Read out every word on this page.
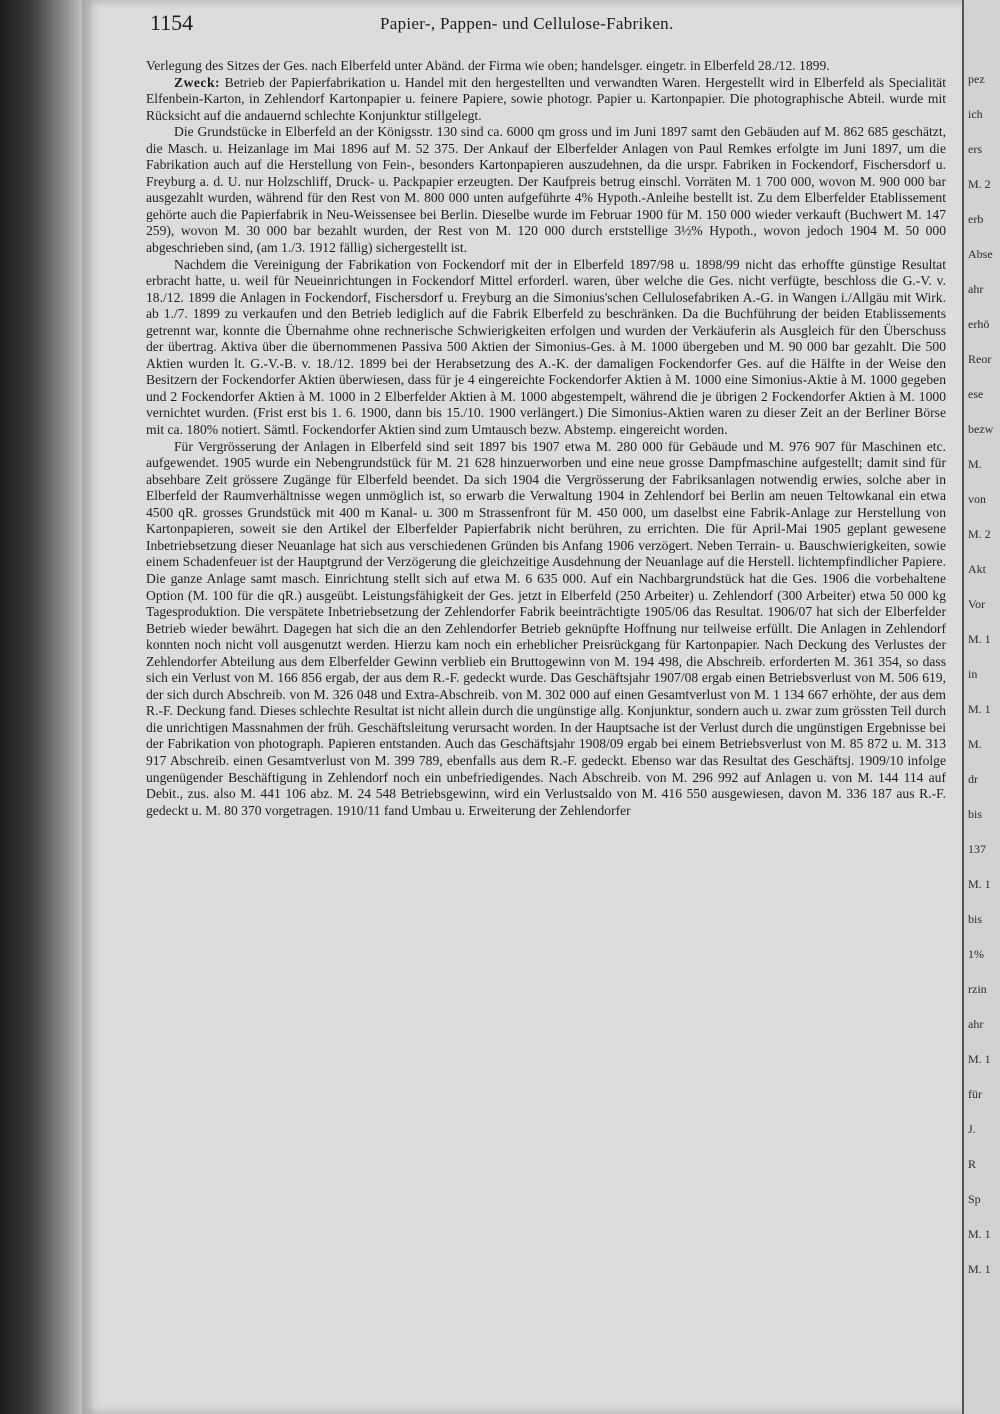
pez
ich
ers
M. 2
erb
Abse
ahr
erhö
Reor
ese
bezw
M.
von
M. 2
Akt
Vor
M. 1
in
M. 1
M.
dr
bis
137
M. 1
bis
1%
rzin
ahr
M. 1
für
J.
R
Sp
M. 1
M. 1
1154	Papier-, Pappen- und Cellulose-Fabriken.

Verlegung des Sitzes der Ges. nach Elberfeld unter Abänd. der Firma wie oben; handelsger. eingetr. in Elberfeld 28./12. 1899.

Zweck: Betrieb der Papierfabrikation u. Handel mit den hergestellten und verwandten Waren. Hergestellt wird in Elberfeld als Specialität Elfenbein-Karton, in Zehlendorf Kartonpapier u. feinere Papiere, sowie photogr. Papier u. Kartonpapier. Die photographische Abteil. wurde mit Rücksicht auf die andauernd schlechte Konjunktur stillgelegt.

Die Grundstücke in Elberfeld an der Königsstr. 130 sind ca. 6000 qm gross und im Juni 1897 samt den Gebäuden auf M. 862 685 geschätzt, die Masch. u. Heizanlage im Mai 1896 auf M. 52 375. Der Ankauf der Elberfelder Anlagen von Paul Remkes erfolgte im Juni 1897, um die Fabrikation auch auf die Herstellung von Fein-, besonders Kartonpapieren auszudehnen, da die urspr. Fabriken in Fockendorf, Fischersdorf u. Freyburg a. d. U. nur Holzschliff, Druck- u. Packpapier erzeugten. Der Kaufpreis betrug einschl. Vorräten M. 1 700 000, wovon M. 900 000 bar ausgezahlt wurden, während für den Rest von M. 800 000 unten aufgeführte 4% Hypoth.-Anleihe bestellt ist. Zu dem Elberfelder Etablissement gehörte auch die Papierfabrik in Neu-Weissensee bei Berlin. Dieselbe wurde im Februar 1900 für M. 150 000 wieder verkauft (Buchwert M. 147 259), wovon M. 30 000 bar bezahlt wurden, der Rest von M. 120 000 durch erststellige 3½% Hypoth., wovon jedoch 1904 M. 50 000 abgeschrieben sind, (am 1./3. 1912 fällig) sichergestellt ist.

Nachdem die Vereinigung der Fabrikation von Fockendorf mit der in Elberfeld 1897/98 u. 1898/99 nicht das erhoffte günstige Resultat erbracht hatte, u. weil für Neueinrichtungen in Fockendorf Mittel erforderl. waren, über welche die Ges. nicht verfügte, beschloss die G.-V. v. 18./12. 1899 die Anlagen in Fockendorf, Fischersdorf u. Freyburg an die Simonius'schen Cellulosefabriken A.-G. in Wangen i./Allgäu mit Wirk. ab 1./7. 1899 zu verkaufen und den Betrieb lediglich auf die Fabrik Elberfeld zu beschränken. Da die Buchführung der beiden Etablissements getrennt war, konnte die Übernahme ohne rechnerische Schwierigkeiten erfolgen und wurden der Verkäuferin als Ausgleich für den Überschuss der übertrag. Aktiva über die übernommenen Passiva 500 Aktien der Simonius-Ges. à M. 1000 übergeben und M. 90 000 bar gezahlt. Die 500 Aktien wurden lt. G.-V.-B. v. 18./12. 1899 bei der Herabsetzung des A.-K. der damaligen Fockendorfer Ges. auf die Hälfte in der Weise den Besitzern der Fockendorfer Aktien überwiesen, dass für je 4 eingereichte Fockendorfer Aktien à M. 1000 eine Simonius-Aktie à M. 1000 gegeben und 2 Fockendorfer Aktien à M. 1000 in 2 Elberfelder Aktien à M. 1000 abgestempelt, während die je übrigen 2 Fockendorfer Aktien à M. 1000 vernichtet wurden. (Frist erst bis 1. 6. 1900, dann bis 15./10. 1900 verlängert.) Die Simonius-Aktien waren zu dieser Zeit an der Berliner Börse mit ca. 180% notiert. Sämtl. Fockendorfer Aktien sind zum Umtausch bezw. Abstemp. eingereicht worden.

Für Vergrösserung der Anlagen in Elberfeld sind seit 1897 bis 1907 etwa M. 280 000 für Gebäude und M. 976 907 für Maschinen etc. aufgewendet. 1905 wurde ein Nebengrundstück für M. 21 628 hinzuerworben und eine neue grosse Dampfmaschine aufgestellt; damit sind für absehbare Zeit grössere Zugänge für Elberfeld beendet. Da sich 1904 die Vergrösserung der Fabriksanlagen notwendig erwies, solche aber in Elberfeld der Raumverhältnisse wegen unmöglich ist, so erwarb die Verwaltung 1904 in Zehlendorf bei Berlin am neuen Teltowkanal ein etwa 4500 qR. grosses Grundstück mit 400 m Kanal- u. 300 m Strassenfront für M. 450 000, um daselbst eine Fabrik-Anlage zur Herstellung von Kartonpapieren, soweit sie den Artikel der Elberfelder Papierfabrik nicht berühren, zu errichten. Die für April-Mai 1905 geplant gewesene Inbetriebsetzung dieser Neuanlage hat sich aus verschiedenen Gründen bis Anfang 1906 verzögert. Neben Terrain- u. Bauschwierigkeiten, sowie einem Schadenfeuer ist der Hauptgrund der Verzögerung die gleichzeitige Ausdehnung der Neuanlage auf die Herstell. lichtempfindlicher Papiere. Die ganze Anlage samt masch. Einrichtung stellt sich auf etwa M. 6 635 000. Auf ein Nachbargrundstück hat die Ges. 1906 die vorbehaltene Option (M. 100 für die qR.) ausgeübt. Leistungsfähigkeit der Ges. jetzt in Elberfeld (250 Arbeiter) u. Zehlendorf (300 Arbeiter) etwa 50 000 kg Tagesproduktion. Die verspätete Inbetriebsetzung der Zehlendorfer Fabrik beeinträchtigte 1905/06 das Resultat. 1906/07 hat sich der Elberfelder Betrieb wieder bewährt. Dagegen hat sich die an den Zehlendorfer Betrieb geknüpfte Hoffnung nur teilweise erfüllt. Die Anlagen in Zehlendorf konnten noch nicht voll ausgenutzt werden. Hierzu kam noch ein erheblicher Preisrückgang für Kartonpapier. Nach Deckung des Verlustes der Zehlendorfer Abteilung aus dem Elberfelder Gewinn verblieb ein Bruttogewinn von M. 194 498, die Abschreib. erforderten M. 361 354, so dass sich ein Verlust von M. 166 856 ergab, der aus dem R.-F. gedeckt wurde. Das Geschäftsjahr 1907/08 ergab einen Betriebsverlust von M. 506 619, der sich durch Abschreib. von M. 326 048 und Extra-Abschreib. von M. 302 000 auf einen Gesamtverlust von M. 1 134 667 erhöhte, der aus dem R.-F. Deckung fand. Dieses schlechte Resultat ist nicht allein durch die ungünstige allg. Konjunktur, sondern auch u. zwar zum grössten Teil durch die unrichtigen Massnahmen der früh. Geschäftsleitung verursacht worden. In der Hauptsache ist der Verlust durch die ungünstigen Ergebnisse bei der Fabrikation von photograph. Papieren entstanden. Auch das Geschäftsjahr 1908/09 ergab bei einem Betriebsverlust von M. 85 872 u. M. 313 917 Abschreib. einen Gesamtverlust von M. 399 789, ebenfalls aus dem R.-F. gedeckt. Ebenso war das Resultat des Geschäftsj. 1909/10 infolge ungenügender Beschäftigung in Zehlendorf noch ein unbefriedigendes. Nach Abschreib. von M. 296 992 auf Anlagen u. von M. 144 114 auf Debit., zus. also M. 441 106 abz. M. 24 548 Betriebsgewinn, wird ein Verlustsaldo von M. 416 550 ausgewiesen, davon M. 336 187 aus R.-F. gedeckt u. M. 80 370 vorgetragen. 1910/11 fand Umbau u. Erweiterung der Zehlendorfer
